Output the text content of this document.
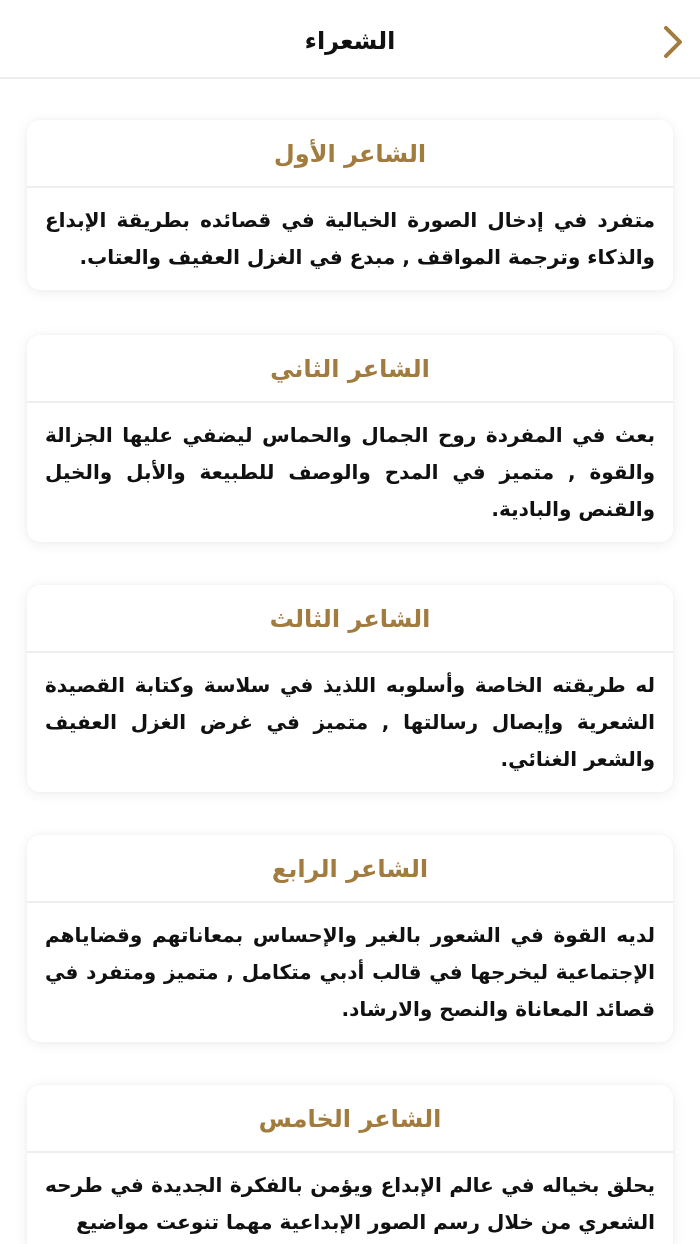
الشعراء
الشاعر الأول
متفرد في إدخال الصورة الخيالية في قصائده بطريقة الإبداع والذكاء وترجمة المواقف , مبدع في الغزل العفيف والعتاب.
الشاعر الثاني
بعث في المفردة روح الجمال والحماس ليضفي عليها الجزالة والقوة , متميز في المدح والوصف للطبيعة والأبل والخيل والقنص والبادية.
الشاعر الثالث
له طريقته الخاصة وأسلوبه اللذيذ في سلاسة وكتابة القصيدة الشعرية وإيصال رسالتها , متميز في غرض الغزل العفيف والشعر الغنائي.
الشاعر الرابع
لديه القوة في الشعور بالغير والإحساس بمعاناتهم وقضاياهم الإجتماعية ليخرجها في قالب أدبي متكامل , متميز ومتفرد في قصائد المعاناة والنصح والارشاد.
الشاعر الخامس
يحلق بخياله في عالم الإبداع ويؤمن بالفكرة الجديدة في طرحه الشعري من خلال رسم الصور الإبداعية مهما تنوعت مواضيع
